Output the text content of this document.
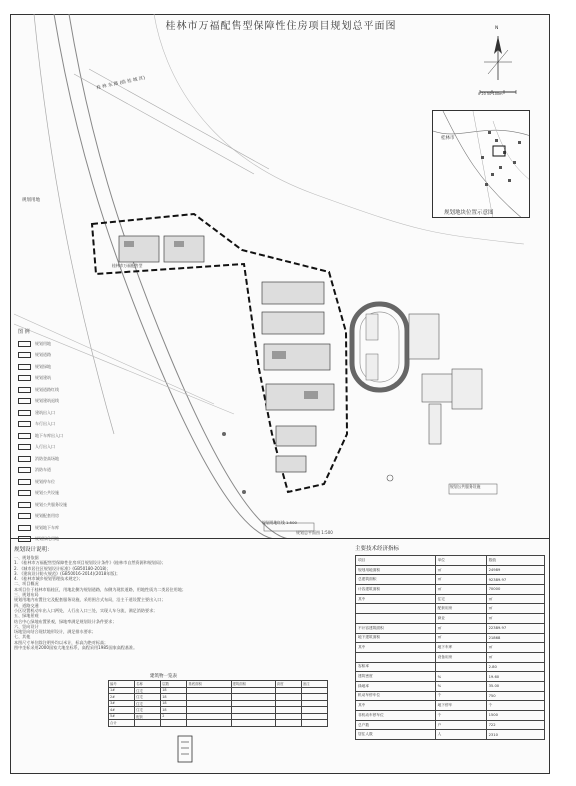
桂林市万福配售型保障性住房项目规划总平面图
桂 林 东 路 (临 桂 城 区)
规划用地
桂林市万福配售型
规划用地红线 1:500
规划公共服务设施
N
0 20 50 100m
桂林市
规划地块位置示意图
图 例
规划用地
规划道路
规划绿地
规划建筑
规划道路红线
规划建筑退线
建筑出入口
车行出入口
地下车库出入口
人行出入口
消防登高场地
消防车道
规划停车位
规划公共设施
规划公共服务设施
规划配套用房
规划地下车库
规划绿化用地
规划总平面图 1:500
规划设计说明：
一、规划依据
1. 《桂林市万福配售型保障性住房项目规划设计条件》(桂林市自然资源和规划局)；
2. 《城市居住区规划设计标准》(GB50180-2018)；
3. 《建筑设计防火规范》(GB50016-2014)(2018年版)；
4. 《桂林市城乡规划管理技术规定》；
二、项目概况
本项目位于桂林市临桂区，用地北侧为规划道路，东侧为现状道路，用地性质为二类居住用地；
三、规划布局
规划用地内布置住宅及配套服务设施，采用围合式布局，沿主干道设置主要出入口；
四、道路交通
小区设置机动车出入口两处，人行出入口三处，实现人车分流，满足消防要求；
五、绿地景观
结合中心绿地布置景观，绿地率满足规划设计条件要求；
六、竖向设计
场地竖向结合现状地形设计，满足排水要求；
七、其他
本图尺寸单位除注明外均以米计，标高为绝对标高；
图中坐标采用2000国家大地坐标系，高程采用1985国家高程基准。
建筑物一览表
编号	名称	层数	基底面积	建筑面积	高度	备注
1#	住宅	18				
2#	住宅	18				
3#	住宅	18				
4#	住宅	18				
5#	配套	2				
合计						
主要技术经济指标
项目	单位	数值
规划用地面积	㎡	24989
总建筑面积	㎡	92389.97
计容建筑面积	㎡	70000
其中	住宅	㎡
	配套用房	㎡
	商业	㎡
不计容建筑面积	㎡	22389.97
地下建筑面积	㎡	21868
其中	地下车库	㎡
	设备用房	㎡
容积率		2.80
建筑密度	%	19.60
绿地率	%	35.00
机动车停车位	个	750
其中	地下停车	个
非机动车停车位	个	1500
总户数	户	722
居住人数	人	2310
